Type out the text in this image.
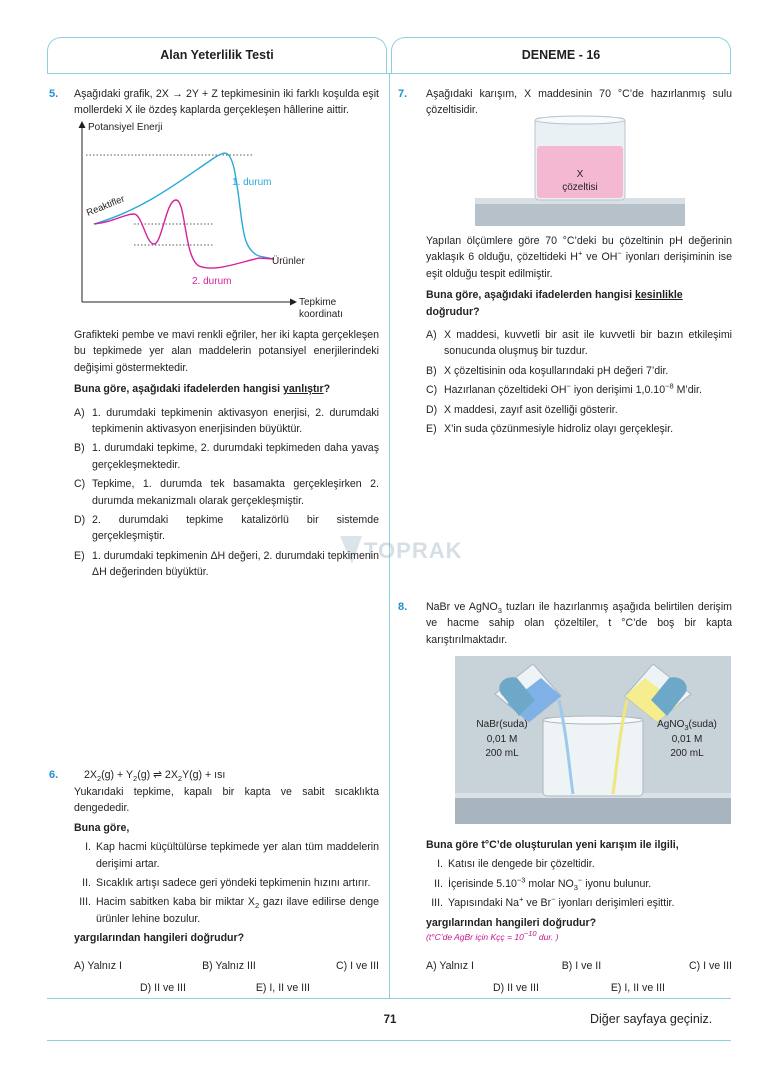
Alan Yeterlilik Testi	DENEME - 16
TOPRAK
5. Aşağıdaki grafik, 2X → 2Y + Z tepkimesinin iki farklı koşulda eşit mollerdeki X ile özdeş kaplarda gerçekleşen hâllerine aittir.
Potansiyel Enerji
Reaktifler
1. durum
2. durum
Ürünler
Tepkime
koordinatı
Grafikteki pembe ve mavi renkli eğriler, her iki kapta gerçekleşen bu tepkimede yer alan maddelerin potansiyel enerjilerindeki değişimi göstermektedir.
Buna göre, aşağıdaki ifadelerden hangisi yanlıştır?
A) 1. durumdaki tepkimenin aktivasyon enerjisi, 2. durumdaki tepkimenin aktivasyon enerjisinden büyüktür.
B) 1. durumdaki tepkime, 2. durumdaki tepkimeden daha yavaş gerçekleşmektedir.
C) Tepkime, 1. durumda tek basamakta gerçekleşirken 2. durumda mekanizmalı olarak gerçekleşmiştir.
D) 2. durumdaki tepkime katalizörlü bir sistemde gerçekleşmiştir.
E) 1. durumdaki tepkimenin ΔH değeri, 2. durumdaki tepkimenin ΔH değerinden büyüktür.
6. $2X_2(g) + Y_2(g)$ ⇌ $2X_2Y(g)$ + ısı
Yukarıdaki tepkime, kapalı bir kapta ve sabit sıcaklıkta dengededir.
Buna göre,
I. Kap hacmi küçültülürse tepkimede yer alan tüm maddelerin derişimi artar.
II. Sıcaklık artışı sadece geri yöndeki tepkimenin hızını artırır.
III. Hacim sabitken kaba bir miktar $X_2$ gazı ilave edilirse denge ürünler lehine bozulur.
yargılarından hangileri doğrudur?
A) Yalnız I	B) Yalnız III	C) I ve III
D) II ve III	E) I, II ve III
7. Aşağıdaki karışım, X maddesinin 70 °C’de hazırlanmış sulu çözeltisidir.
X
çözeltisi
Yapılan ölçümlere göre 70 °C’deki bu çözeltinin pH değerinin yaklaşık 6 olduğu, çözeltideki H+ ve OH− iyonları derişiminin ise eşit olduğu tespit edilmiştir.
Buna göre, aşağıdaki ifadelerden hangisi kesinlikle doğrudur?
A) X maddesi, kuvvetli bir asit ile kuvvetli bir bazın etkileşimi sonucunda oluşmuş bir tuzdur.
B) X çözeltisinin oda koşullarındaki pH değeri 7’dir.
C) Hazırlanan çözeltideki OH− iyon derişimi $1,0.10^{-8}$ M’dir.
D) X maddesi, zayıf asit özelliği gösterir.
E) X’in suda çözünmesiyle hidroliz olayı gerçekleşir.
8. NaBr ve AgNO$_3$ tuzları ile hazırlanmış aşağıda belirtilen derişim ve hacme sahip olan çözeltiler, t °C’de boş bir kapta karıştırılmaktadır.
NaBr(suda)
0,01 M
200 mL
AgNO$_3$(suda)
0,01 M
200 mL
Buna göre t°C’de oluşturulan yeni karışım ile ilgili,
I. Katısı ile dengede bir çözeltidir.
II. İçerisinde $5.10^{-3}$ molar $NO_3^-$ iyonu bulunur.
III. Yapısındaki Na+ ve Br− iyonları derişimleri eşittir.
yargılarından hangileri doğrudur?
(t°C’de AgBr için Kçç = $10^{-10}$ dur. )
A) Yalnız I	B) I ve II	C) I ve III
D) II ve III	E) I, II ve III
71	Diğer sayfaya geçiniz.
